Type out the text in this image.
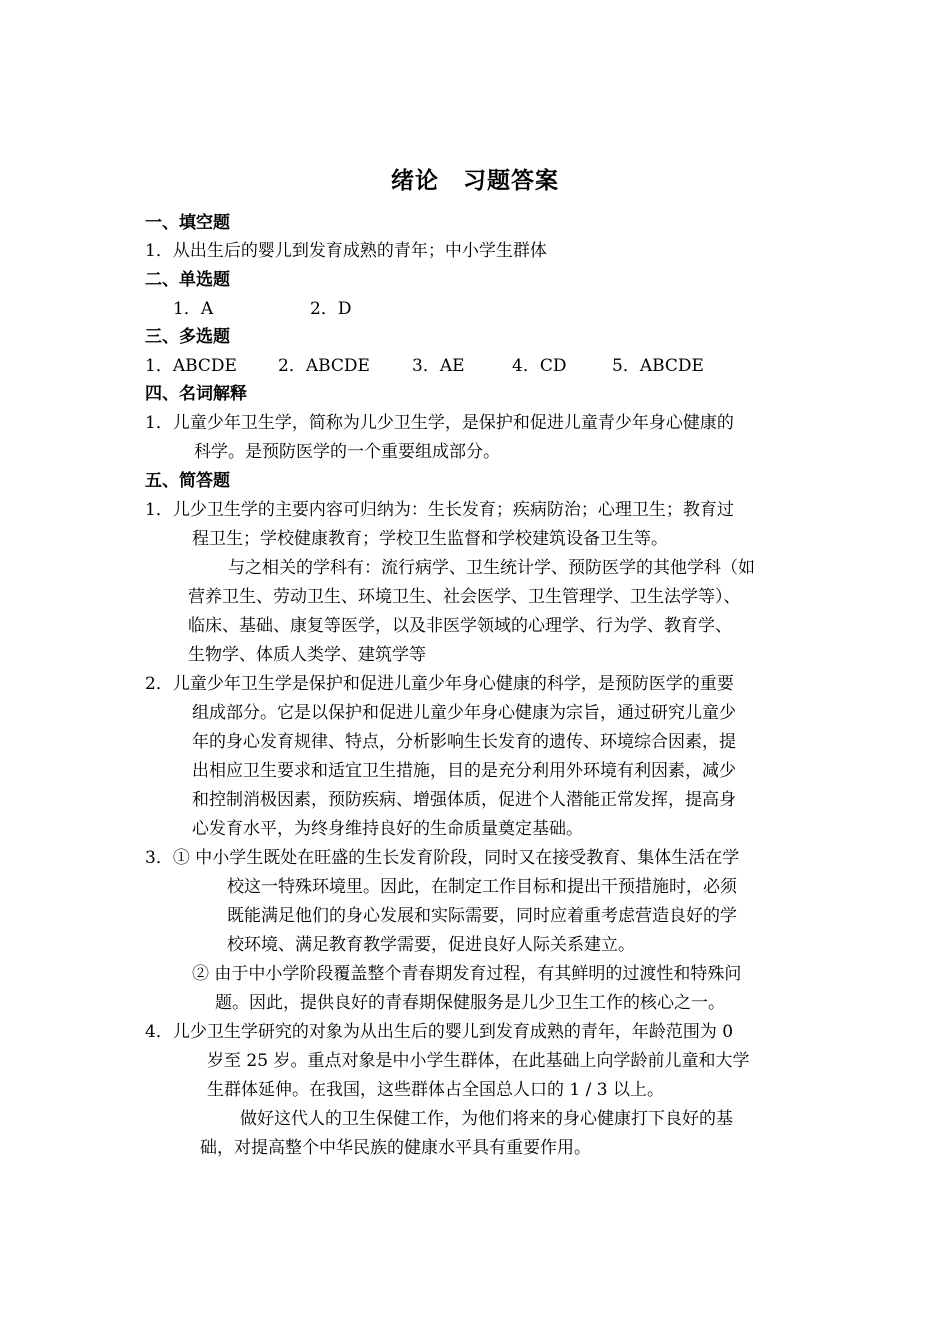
绪论　习题答案
一、填空题
1．从出生后的婴儿到发育成熟的青年；中小学生群体
二、单选题
1．A	2．D
三、多选题
1．ABCDE 2．ABCDE 3．AE	4．CD	5．ABCDE
四、名词解释
1．儿童少年卫生学，简称为儿少卫生学，是保护和促进儿童青少年身心健康的
科学。是预防医学的一个重要组成部分。
五、简答题
1．儿少卫生学的主要内容可归纳为：生长发育；疾病防治；心理卫生；教育过
程卫生；学校健康教育；学校卫生监督和学校建筑设备卫生等。
与之相关的学科有：流行病学、卫生统计学、预防医学的其他学科（如
营养卫生、劳动卫生、环境卫生、社会医学、卫生管理学、卫生法学等）、
临床、基础、康复等医学，以及非医学领域的心理学、行为学、教育学、
生物学、体质人类学、建筑学等
2．儿童少年卫生学是保护和促进儿童少年身心健康的科学，是预防医学的重要
组成部分。它是以保护和促进儿童少年身心健康为宗旨，通过研究儿童少
年的身心发育规律、特点，分析影响生长发育的遗传、环境综合因素，提
出相应卫生要求和适宜卫生措施，目的是充分利用外环境有利因素，减少
和控制消极因素，预防疾病、增强体质，促进个人潜能正常发挥，提高身
心发育水平，为终身维持良好的生命质量奠定基础。
3．① 中小学生既处在旺盛的生长发育阶段，同时又在接受教育、集体生活在学
校这一特殊环境里。因此，在制定工作目标和提出干预措施时，必须
既能满足他们的身心发展和实际需要，同时应着重考虑营造良好的学
校环境、满足教育教学需要，促进良好人际关系建立。
② 由于中小学阶段覆盖整个青春期发育过程，有其鲜明的过渡性和特殊问
题。因此，提供良好的青春期保健服务是儿少卫生工作的核心之一。
4．儿少卫生学研究的对象为从出生后的婴儿到发育成熟的青年，年龄范围为 0
岁至 25 岁。重点对象是中小学生群体，在此基础上向学龄前儿童和大学
生群体延伸。在我国，这些群体占全国总人口的 1 / 3 以上。
做好这代人的卫生保健工作，为他们将来的身心健康打下良好的基
础，对提高整个中华民族的健康水平具有重要作用。
